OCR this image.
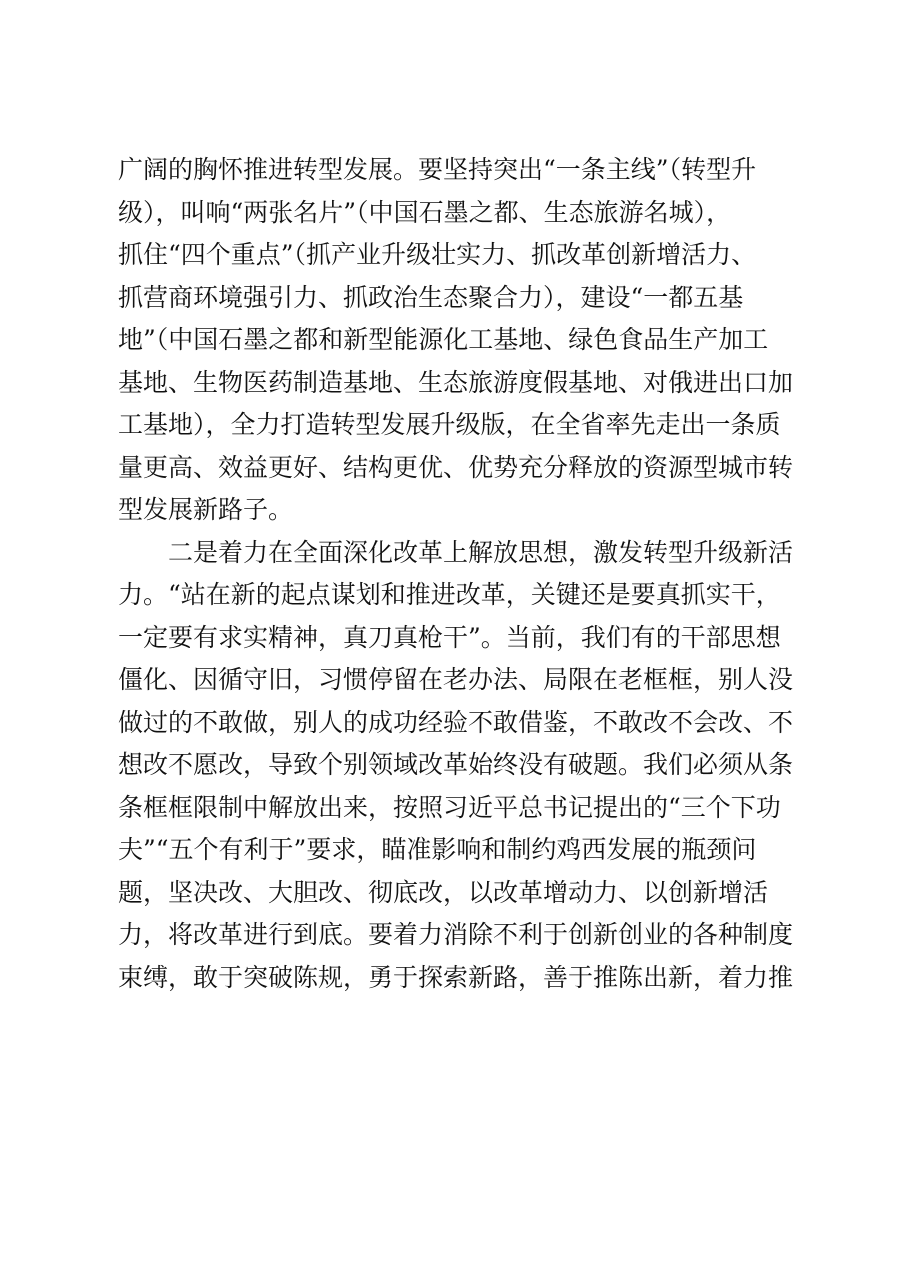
广阔的胸怀推进转型发展。要坚持突出“一条主线”（转型升
级），叫响“两张名片”（中国石墨之都、生态旅游名城），
抓住“四个重点”（抓产业升级壮实力、抓改革创新增活力、
抓营商环境强引力、抓政治生态聚合力），建设“一都五基
地”（中国石墨之都和新型能源化工基地、绿色食品生产加工
基地、生物医药制造基地、生态旅游度假基地、对俄进出口加
工基地），全力打造转型发展升级版，在全省率先走出一条质
量更高、效益更好、结构更优、优势充分释放的资源型城市转
型发展新路子。
　　二是着力在全面深化改革上解放思想，激发转型升级新活
力。“站在新的起点谋划和推进改革，关键还是要真抓实干，
一定要有求实精神，真刀真枪干”。当前，我们有的干部思想
僵化、因循守旧，习惯停留在老办法、局限在老框框，别人没
做过的不敢做，别人的成功经验不敢借鉴，不敢改不会改、不
想改不愿改，导致个别领域改革始终没有破题。我们必须从条
条框框限制中解放出来，按照习近平总书记提出的“三个下功
夫”“五个有利于”要求，瞄准影响和制约鸡西发展的瓶颈问
题，坚决改、大胆改、彻底改，以改革增动力、以创新增活
力，将改革进行到底。要着力消除不利于创新创业的各种制度
束缚，敢于突破陈规，勇于探索新路，善于推陈出新，着力推
